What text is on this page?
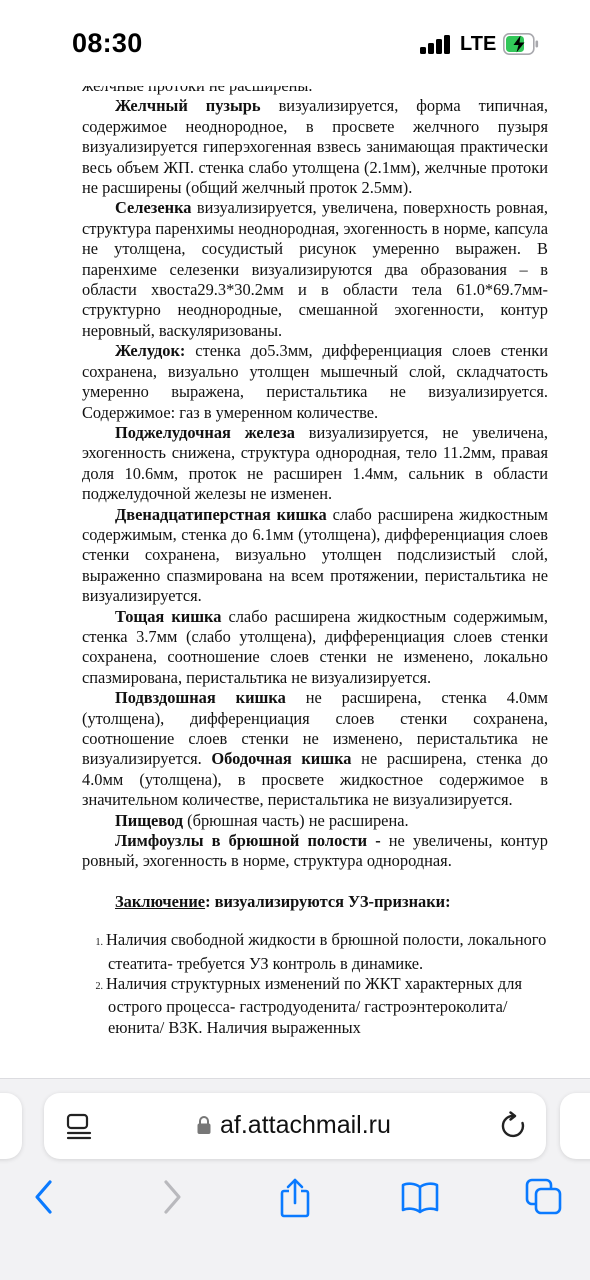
08:30	LTE

Желчный пузырь визуализируется, форма типичная, содержимое неоднородное, в просвете желчного пузыря визуализируется гиперэхогенная взвесь занимающая практически весь объем ЖП. стенка слабо утолщена (2.1мм), желчные протоки не расширены (общий желчный проток 2.5мм).

Селезенка визуализируется, увеличена, поверхность ровная, структура паренхимы неоднородная, эхогенность в норме, капсула не утолщена, сосудистый рисунок умеренно выражен. В паренхиме селезенки визуализируются два образования – в области хвоста29.3*30.2мм и в области тела 61.0*69.7мм- структурно неоднородные, смешанной эхогенности, контур неровный, васкуляризованы.

Желудок: стенка до5.3мм, дифференциация слоев стенки сохранена, визуально утолщен мышечный слой, складчатость умеренно выражена, перистальтика не визуализируется. Содержимое: газ в умеренном количестве.

Поджелудочная железа визуализируется, не увеличена, эхогенность снижена, структура однородная, тело 11.2мм, правая доля 10.6мм, проток не расширен 1.4мм, сальник в области поджелудочной железы не изменен.

Двенадцатиперстная кишка слабо расширена жидкостным содержимым, стенка до 6.1мм (утолщена), дифференциация слоев стенки сохранена, визуально утолщен подслизистый слой, выраженно спазмирована на всем протяжении, перистальтика не визуализируется.

Тощая кишка слабо расширена жидкостным содержимым, стенка 3.7мм (слабо утолщена), дифференциация слоев стенки сохранена, соотношение слоев стенки не изменено, локально спазмирована, перистальтика не визуализируется.

Подвздошная кишка не расширена, стенка 4.0мм (утолщена), дифференциация слоев стенки сохранена, соотношение слоев стенки не изменено, перистальтика не визуализируется. Ободочная кишка не расширена, стенка до 4.0мм (утолщена), в просвете жидкостное содержимое в значительном количестве, перистальтика не визуализируется.

Пищевод (брюшная часть) не расширена.

Лимфоузлы в брюшной полости - не увеличены, контур ровный, эхогенность в норме, структура однородная.

Заключение: визуализируются УЗ-признаки:
1. Наличия свободной жидкости в брюшной полости, локального стеатита- требуется УЗ контроль в динамике.
2. Наличия структурных изменений по ЖКТ характерных для острого процесса- гастродуоденита/ гастроэнтероколита/ еюнита/ ВЗК. Наличия выраженных
af.attachmail.ru
